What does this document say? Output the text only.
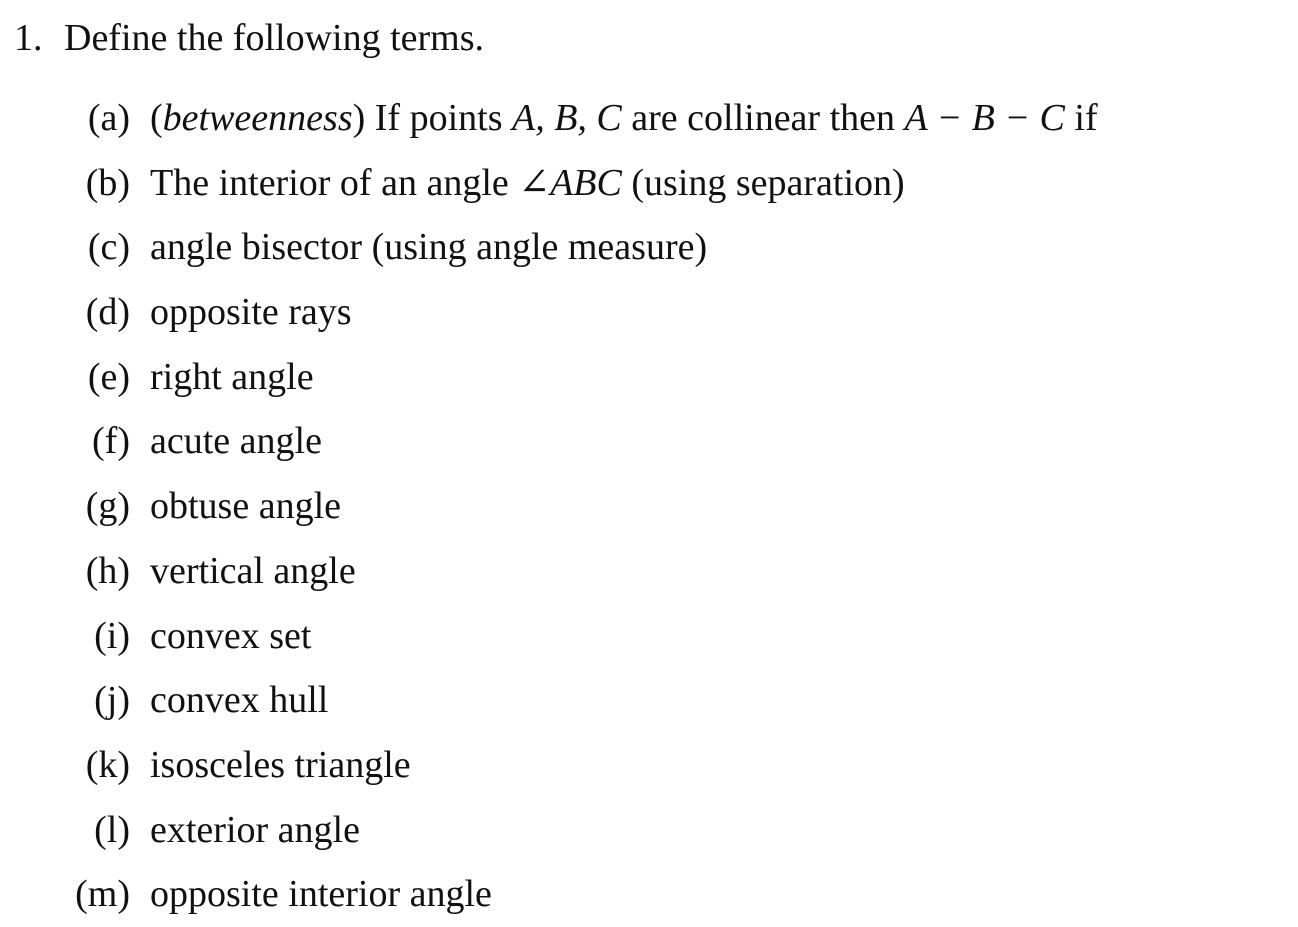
1. Define the following terms.
(a) (betweenness) If points A, B, C are collinear then A − B − C if
(b) The interior of an angle ∠ABC (using separation)
(c) angle bisector (using angle measure)
(d) opposite rays
(e) right angle
(f) acute angle
(g) obtuse angle
(h) vertical angle
(i) convex set
(j) convex hull
(k) isosceles triangle
(l) exterior angle
(m) opposite interior angle
